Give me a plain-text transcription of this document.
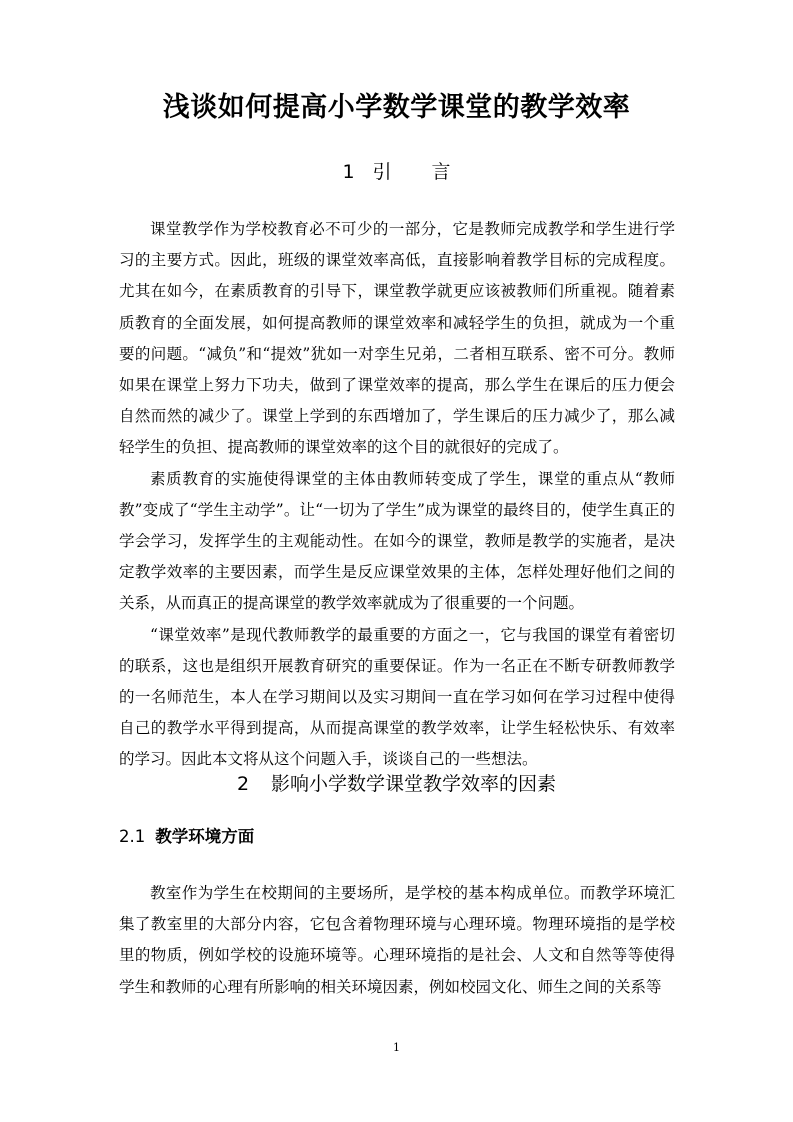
浅谈如何提高小学数学课堂的教学效率
1 引 言

课堂教学作为学校教育必不可少的一部分，它是教师完成教学和学生进行学习的主要方式。因此，班级的课堂效率高低，直接影响着教学目标的完成程度。尤其在如今，在素质教育的引导下，课堂教学就更应该被教师们所重视。随着素质教育的全面发展，如何提高教师的课堂效率和减轻学生的负担，就成为一个重要的问题。“减负”和“提效”犹如一对孪生兄弟，二者相互联系、密不可分。教师如果在课堂上努力下功夫，做到了课堂效率的提高，那么学生在课后的压力便会自然而然的减少了。课堂上学到的东西增加了，学生课后的压力减少了，那么减轻学生的负担、提高教师的课堂效率的这个目的就很好的完成了。

素质教育的实施使得课堂的主体由教师转变成了学生，课堂的重点从“教师教”变成了“学生主动学”。让“一切为了学生”成为课堂的最终目的，使学生真正的学会学习，发挥学生的主观能动性。在如今的课堂，教师是教学的实施者，是决定教学效率的主要因素，而学生是反应课堂效果的主体，怎样处理好他们之间的关系，从而真正的提高课堂的教学效率就成为了很重要的一个问题。

“课堂效率”是现代教师教学的最重要的方面之一，它与我国的课堂有着密切的联系，这也是组织开展教育研究的重要保证。作为一名正在不断专研教师教学的一名师范生，本人在学习期间以及实习期间一直在学习如何在学习过程中使得自己的教学水平得到提高，从而提高课堂的教学效率，让学生轻松快乐、有效率的学习。因此本文将从这个问题入手，谈谈自己的一些想法。

2 影响小学数学课堂教学效率的因素
2.1 教学环境方面

教室作为学生在校期间的主要场所，是学校的基本构成单位。而教学环境汇集了教室里的大部分内容，它包含着物理环境与心理环境。物理环境指的是学校里的物质，例如学校的设施环境等。心理环境指的是社会、人文和自然等等使得学生和教师的心理有所影响的相关环境因素，例如校园文化、师生之间的关系等

1
